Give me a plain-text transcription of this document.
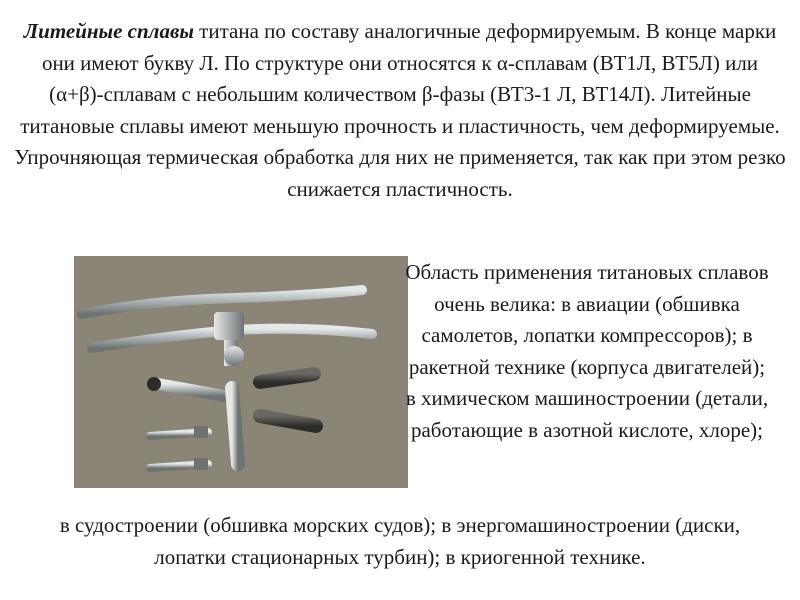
Литейные сплавы титана по составу аналогичные деформируемым. В конце марки они имеют букву Л. По структуре они относятся к α-сплавам (ВТ1Л, ВТ5Л) или (α+β)-сплавам с небольшим количеством β-фазы (ВТ3-1 Л, ВТ14Л). Литейные титановые сплавы имеют меньшую прочность и пластичность, чем деформируемые. Упрочняющая термическая обработка для них не применяется, так как при этом резко снижается пластичность.

Область применения титановых сплавов очень велика: в авиации (обшивка самолетов, лопатки компрессоров); в ракетной технике (корпуса двигателей); в химическом машиностроении (детали, работающие в азотной кислоте, хлоре);

в судостроении (обшивка морских судов); в энергомашиностроении (диски, лопатки стационарных турбин); в криогенной технике.
